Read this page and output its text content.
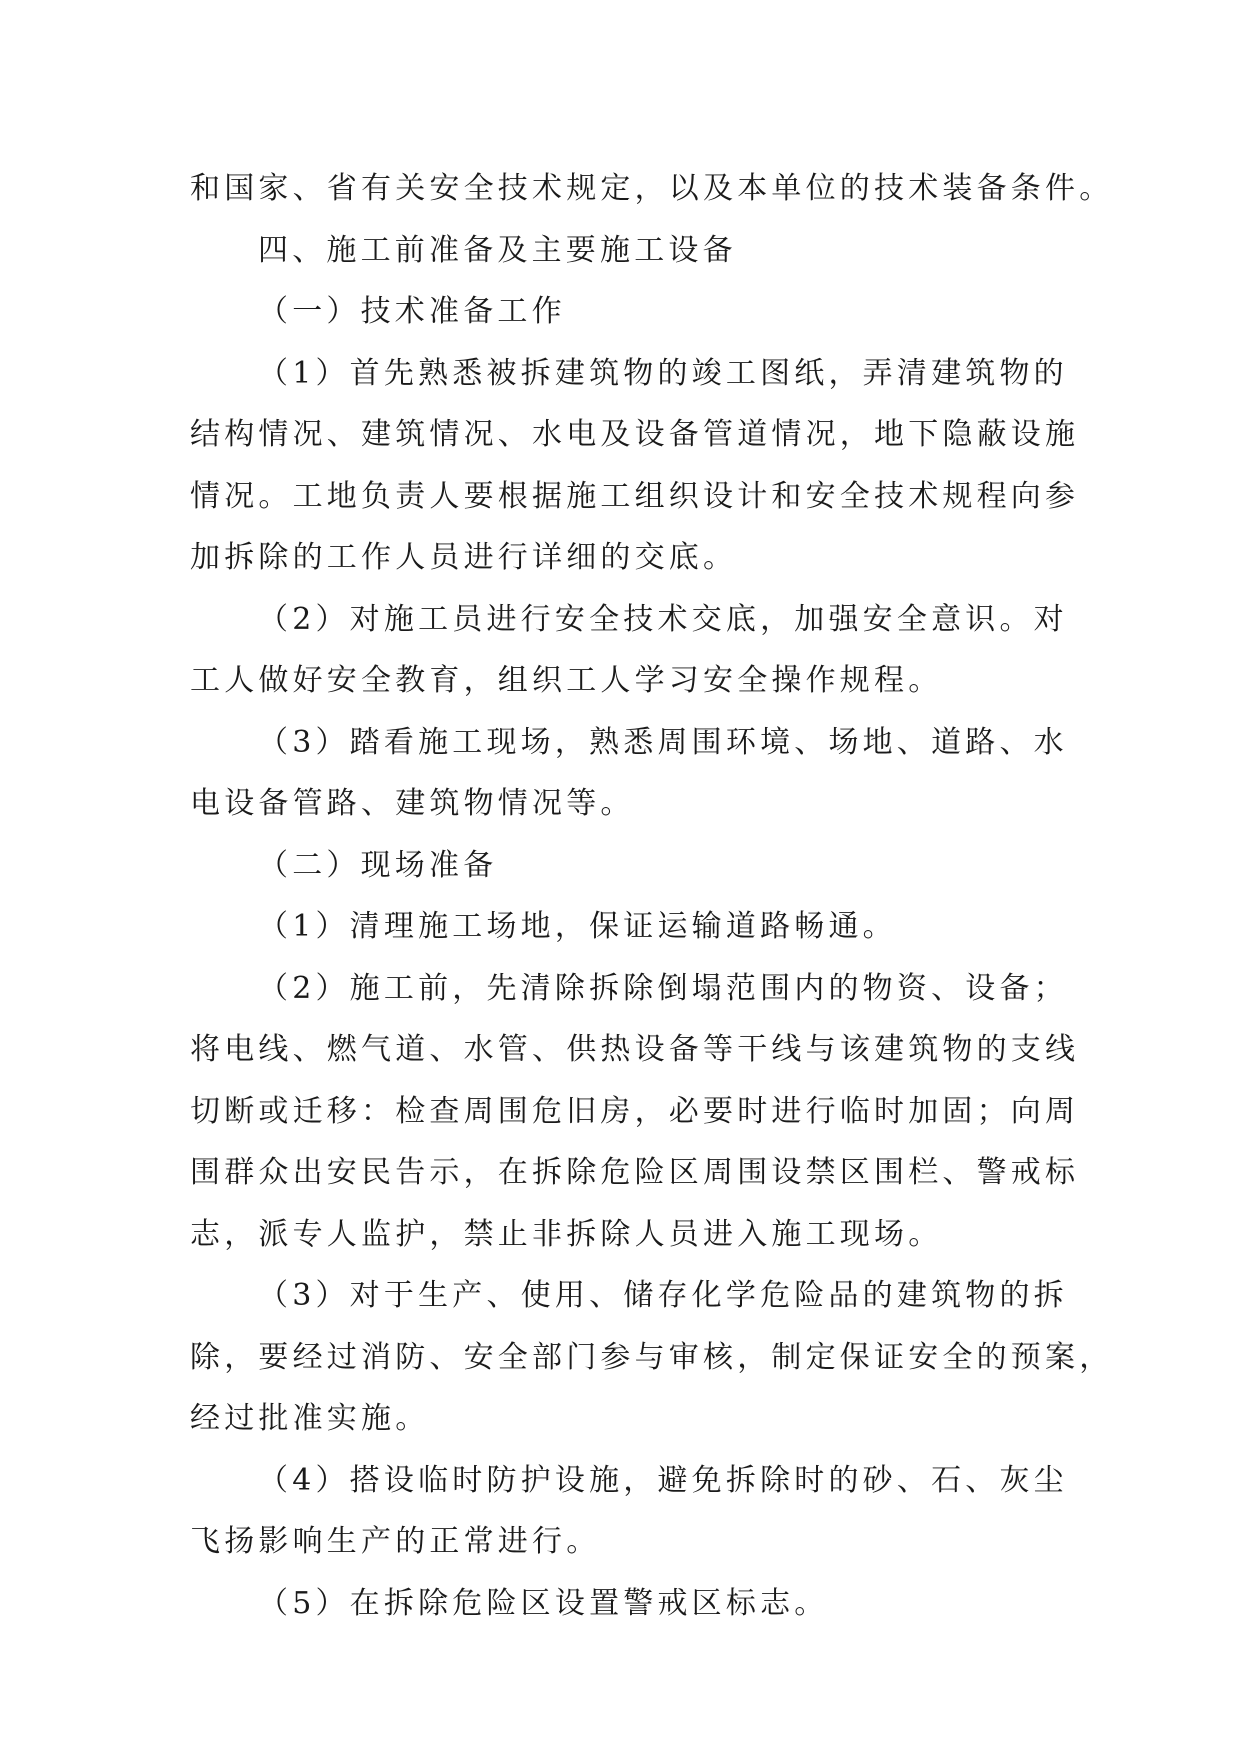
和国家、省有关安全技术规定，以及本单位的技术装备条件。

四、施工前准备及主要施工设备

（一）技术准备工作

（1）首先熟悉被拆建筑物的竣工图纸，弄清建筑物的
结构情况、建筑情况、水电及设备管道情况，地下隐蔽设施
情况。工地负责人要根据施工组织设计和安全技术规程向参
加拆除的工作人员进行详细的交底。

（2）对施工员进行安全技术交底，加强安全意识。对
工人做好安全教育，组织工人学习安全操作规程。

（3）踏看施工现场，熟悉周围环境、场地、道路、水
电设备管路、建筑物情况等。

（二）现场准备

（1）清理施工场地，保证运输道路畅通。

（2）施工前，先清除拆除倒塌范围内的物资、设备；
将电线、燃气道、水管、供热设备等干线与该建筑物的支线
切断或迁移：检查周围危旧房，必要时进行临时加固；向周
围群众出安民告示，在拆除危险区周围设禁区围栏、警戒标
志，派专人监护，禁止非拆除人员进入施工现场。

（3）对于生产、使用、储存化学危险品的建筑物的拆
除，要经过消防、安全部门参与审核，制定保证安全的预案，
经过批准实施。

（4）搭设临时防护设施，避免拆除时的砂、石、灰尘
飞扬影响生产的正常进行。

（5）在拆除危险区设置警戒区标志。
